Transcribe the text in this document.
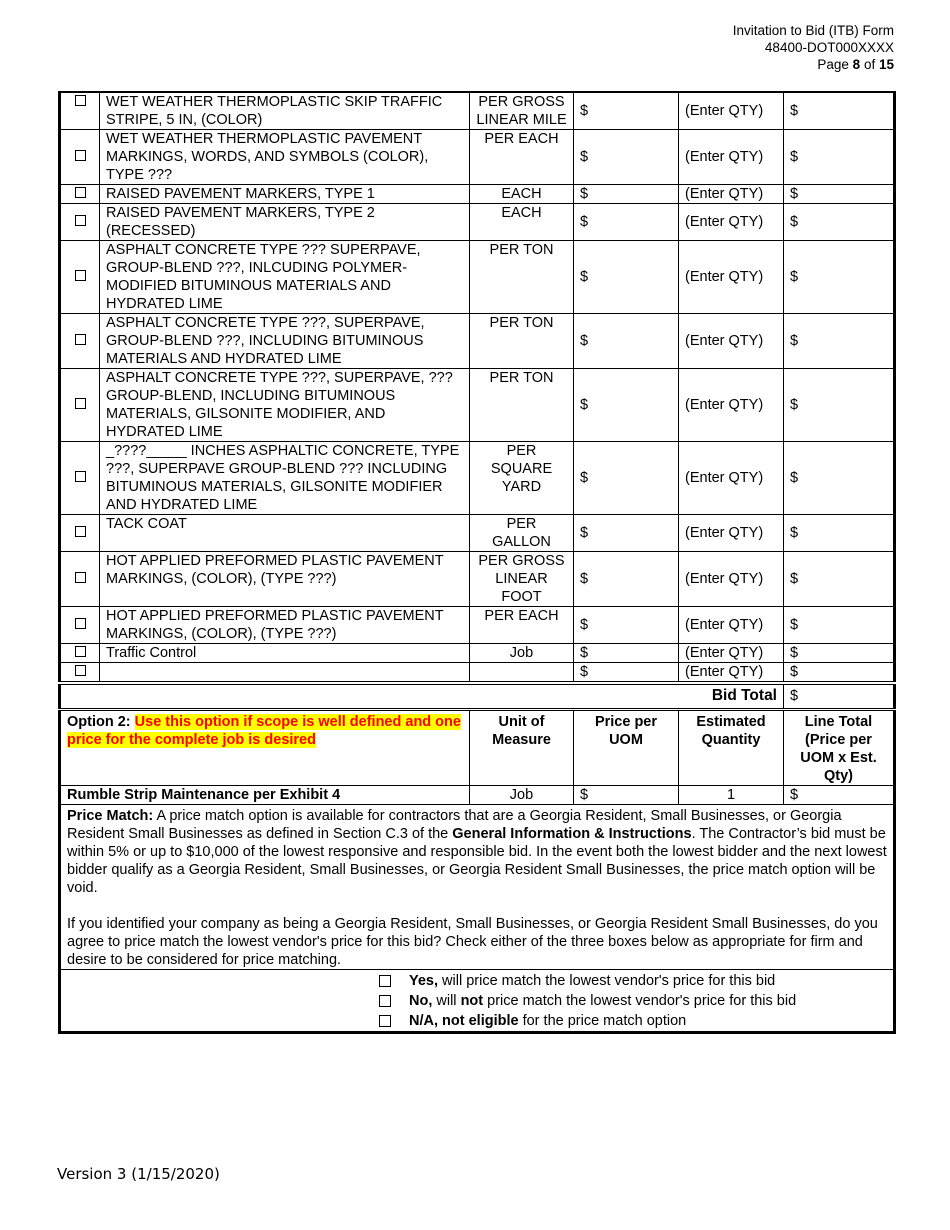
Invitation to Bid (ITB) Form
48400-DOT000XXXX
Page 8 of 15
	WET WEATHER THERMOPLASTIC SKIP TRAFFIC STRIPE, 5 IN, (COLOR)	PER GROSS LINEAR MILE	$	(Enter QTY)	$
	WET WEATHER THERMOPLASTIC PAVEMENT MARKINGS, WORDS, AND SYMBOLS (COLOR), TYPE ???	PER EACH	$	(Enter QTY)	$
	RAISED PAVEMENT MARKERS, TYPE 1	EACH	$	(Enter QTY)	$
	RAISED PAVEMENT MARKERS, TYPE 2 (RECESSED)	EACH	$	(Enter QTY)	$
	ASPHALT CONCRETE TYPE ??? SUPERPAVE, GROUP-BLEND ???, INLCUDING POLYMER-MODIFIED BITUMINOUS MATERIALS AND HYDRATED LIME	PER TON	$	(Enter QTY)	$
	ASPHALT CONCRETE TYPE ???, SUPERPAVE, GROUP-BLEND ???, INCLUDING BITUMINOUS MATERIALS AND HYDRATED LIME	PER TON	$	(Enter QTY)	$
	ASPHALT CONCRETE TYPE ???, SUPERPAVE, ??? GROUP-BLEND, INCLUDING BITUMINOUS MATERIALS, GILSONITE MODIFIER, AND HYDRATED LIME	PER TON	$	(Enter QTY)	$
	_????_____ INCHES ASPHALTIC CONCRETE, TYPE ???, SUPERPAVE GROUP-BLEND ??? INCLUDING BITUMINOUS MATERIALS, GILSONITE MODIFIER AND HYDRATED LIME	PER SQUARE YARD	$	(Enter QTY)	$
	TACK COAT	PER GALLON	$	(Enter QTY)	$
	HOT APPLIED PREFORMED PLASTIC PAVEMENT MARKINGS, (COLOR), (TYPE ???)	PER GROSS LINEAR FOOT	$	(Enter QTY)	$
	HOT APPLIED PREFORMED PLASTIC PAVEMENT MARKINGS, (COLOR), (TYPE ???)	PER EACH	$	(Enter QTY)	$
	Traffic Control	Job	$	(Enter QTY)	$
			$	(Enter QTY)	$
Bid Total					$
Option 2: Use this option if scope is well defined and one price for the complete job is desired		Unit of Measure	Price per UOM	Estimated Quantity	Line Total (Price per UOM x Est. Qty)
Rumble Strip Maintenance per Exhibit 4		Job	$	1	$

Price Match: A price match option is available for contractors that are a Georgia Resident, Small Businesses, or Georgia Resident Small Businesses as defined in Section C.3 of the General Information & Instructions. The Contractor’s bid must be within 5% or up to $10,000 of the lowest responsive and responsible bid. In the event both the lowest bidder and the next lowest bidder qualify as a Georgia Resident, Small Businesses, or Georgia Resident Small Businesses, the price match option will be void.

If you identified your company as being a Georgia Resident, Small Businesses, or Georgia Resident Small Businesses, do you agree to price match the lowest vendor's price for this bid? Check either of the three boxes below as appropriate for firm and desire to be considered for price matching.					

Yes, will price match the lowest vendor's price for this bid
No, will not price match the lowest vendor's price for this bid
N/A, not eligible for the price match option					
Version 3 (1/15/2020)
